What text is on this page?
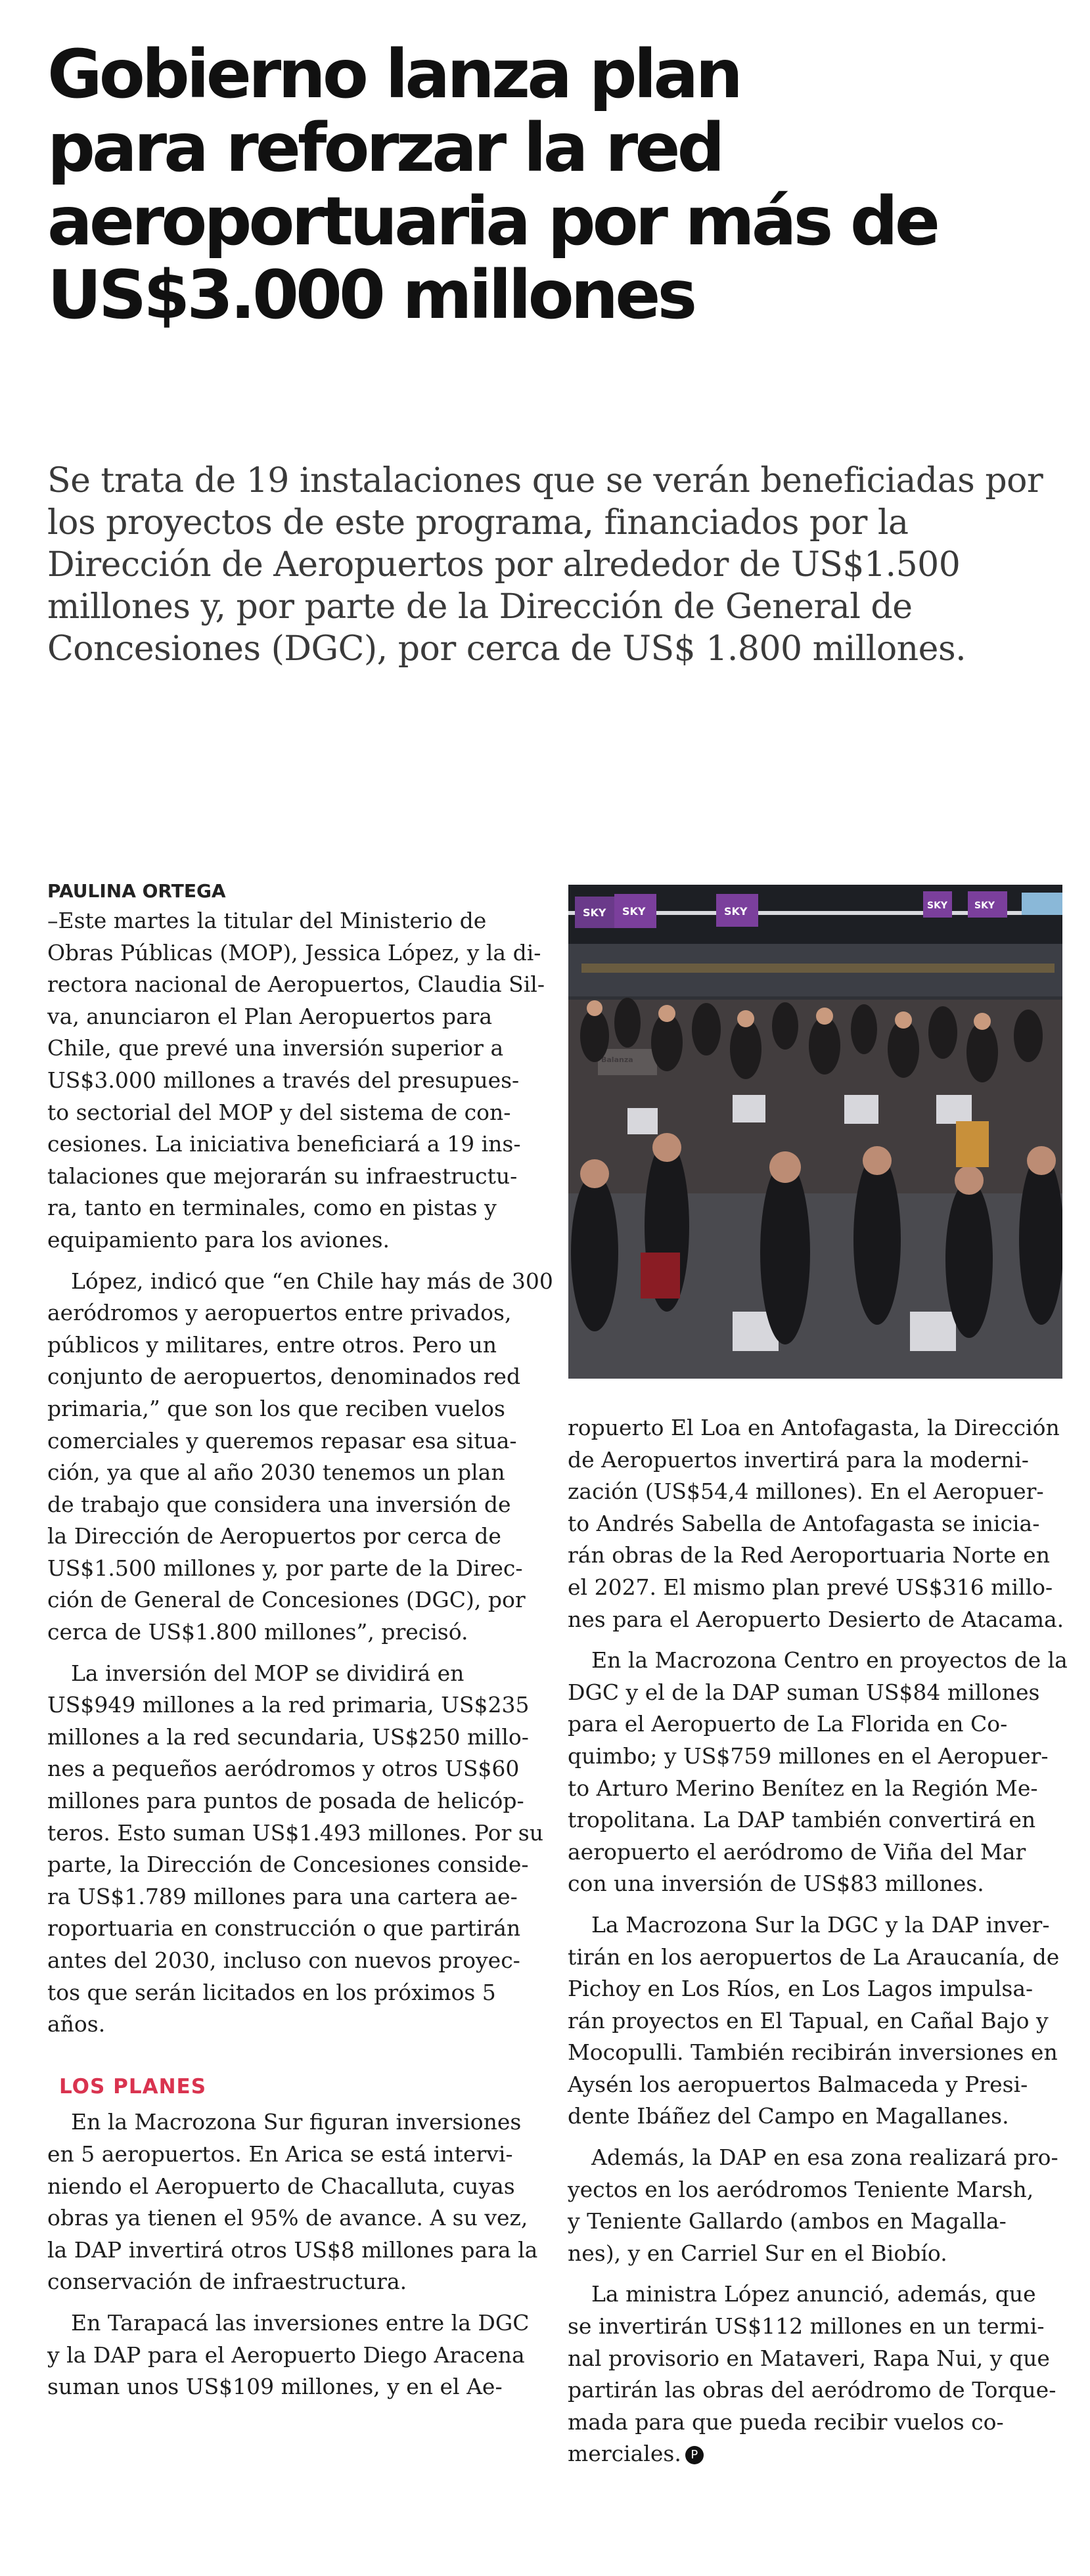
Gobierno lanza plan
para reforzar la red
aeroportuaria por más de
US$3.000 millones

Se trata de 19 instalaciones que se verán beneficiadas por
los proyectos de este programa, financiados por la
Dirección de Aeropuertos por alrededor de US$1.500
millones y, por parte de la Dirección de General de
Concesiones (DGC), por cerca de US$ 1.800 millones.

PAULINA ORTEGA
SKY SKY	SKY	SKY	SKY
–Este martes la titular del Ministerio de
Obras Públicas (MOP), Jessica López, y la di-
rectora nacional de Aeropuertos, Claudia Sil-
va, anunciaron el Plan Aeropuertos para
Chile, que prevé una inversión superior a
US$3.000 millones a través del presupues-
to sectorial del MOP y del sistema de con-
cesiones. La iniciativa beneficiará a 19 ins-
talaciones que mejorarán su infraestructu-
ra, tanto en terminales, como en pistas y
equipamiento para los aviones.
López, indicó que “en Chile hay más de 300
aeródromos y aeropuertos entre privados,
públicos y militares, entre otros. Pero un
conjunto de aeropuertos, denominados red
primaria,” que son los que reciben vuelos
comerciales y queremos repasar esa situa-
ción, ya que al año 2030 tenemos un plan
de trabajo que considera una inversión de
la Dirección de Aeropuertos por cerca de
US$1.500 millones y, por parte de la Direc-
ción de General de Concesiones (DGC), por
cerca de US$1.800 millones”, precisó.
La inversión del MOP se dividirá en
US$949 millones a la red primaria, US$235
millones a la red secundaria, US$250 millo-
nes a pequeños aeródromos y otros US$60
millones para puntos de posada de helicóp-
teros. Esto suman US$1.493 millones. Por su
parte, la Dirección de Concesiones conside-
ra US$1.789 millones para una cartera ae-
roportuaria en construcción o que partirán
antes del 2030, incluso con nuevos proyec-
tos que serán licitados en los próximos 5
años.
LOS PLANES
En la Macrozona Sur figuran inversiones
en 5 aeropuertos. En Arica se está intervi-
niendo el Aeropuerto de Chacalluta, cuyas
obras ya tienen el 95% de avance. A su vez,
la DAP invertirá otros US$8 millones para la
conservación de infraestructura.
En Tarapacá las inversiones entre la DGC
y la DAP para el Aeropuerto Diego Aracena
suman unos US$109 millones, y en el Ae-
ropuerto El Loa en Antofagasta, la Dirección
de Aeropuertos invertirá para la moderni-
zación (US$54,4 millones). En el Aeropuer-
to Andrés Sabella de Antofagasta se inicia-
rán obras de la Red Aeroportuaria Norte en
el 2027. El mismo plan prevé US$316 millo-
nes para el Aeropuerto Desierto de Atacama.
En la Macrozona Centro en proyectos de la
DGC y el de la DAP suman US$84 millones
para el Aeropuerto de La Florida en Co-
quimbo; y US$759 millones en el Aeropuer-
to Arturo Merino Benítez en la Región Me-
tropolitana. La DAP también convertirá en
aeropuerto el aeródromo de Viña del Mar
con una inversión de US$83 millones.
La Macrozona Sur la DGC y la DAP inver-
tirán en los aeropuertos de La Araucanía, de
Pichoy en Los Ríos, en Los Lagos impulsa-
rán proyectos en El Tapual, en Cañal Bajo y
Mocopulli. También recibirán inversiones en
Aysén los aeropuertos Balmaceda y Presi-
dente Ibáñez del Campo en Magallanes.
Además, la DAP en esa zona realizará pro-
yectos en los aeródromos Teniente Marsh,
y Teniente Gallardo (ambos en Magalla-
nes), y en Carriel Sur en el Biobío.
La ministra López anunció, además, que
se invertirán US$112 millones en un termi-
nal provisorio en Mataveri, Rapa Nui, y que
partirán las obras del aeródromo de Torque-
mada para que pueda recibir vuelos co-
merciales. P
